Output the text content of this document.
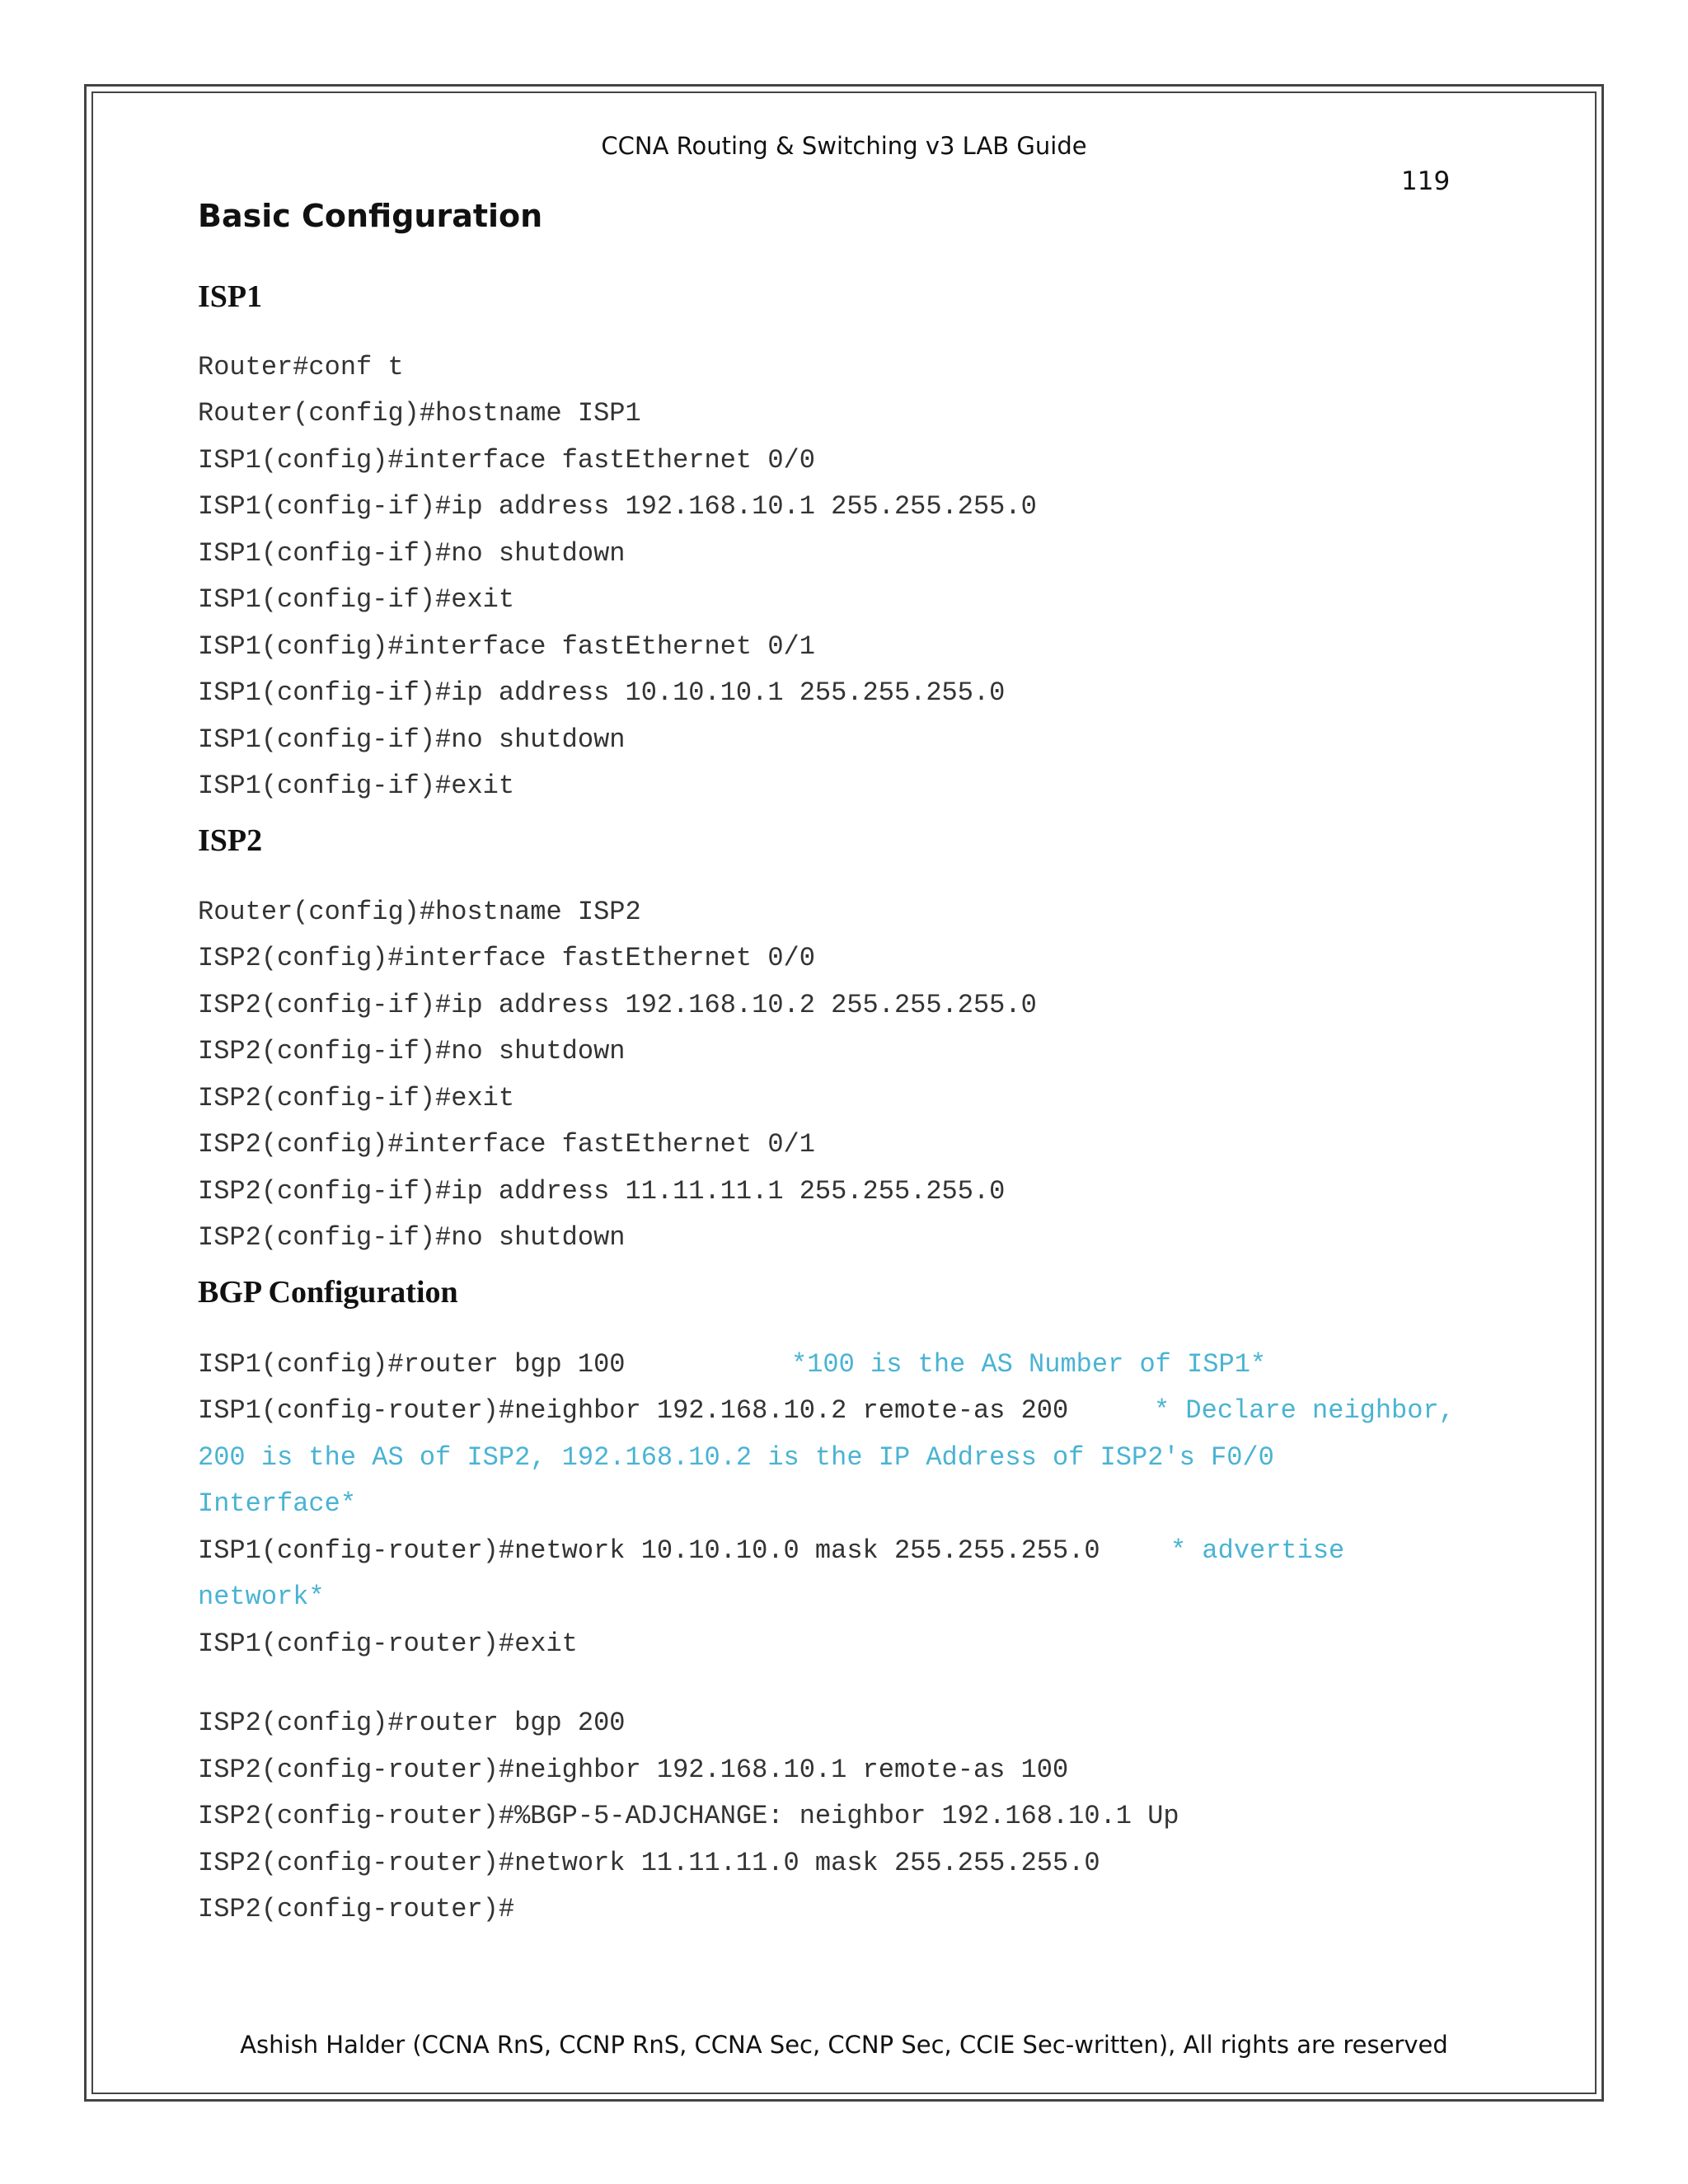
CCNA Routing & Switching v3 LAB Guide
119
Basic Configuration
ISP1
Router#conf t
Router(config)#hostname ISP1
ISP1(config)#interface fastEthernet 0/0
ISP1(config-if)#ip address 192.168.10.1 255.255.255.0
ISP1(config-if)#no shutdown
ISP1(config-if)#exit
ISP1(config)#interface fastEthernet 0/1
ISP1(config-if)#ip address 10.10.10.1 255.255.255.0
ISP1(config-if)#no shutdown
ISP1(config-if)#exit
ISP2
Router(config)#hostname ISP2
ISP2(config)#interface fastEthernet 0/0
ISP2(config-if)#ip address 192.168.10.2 255.255.255.0
ISP2(config-if)#no shutdown
ISP2(config-if)#exit
ISP2(config)#interface fastEthernet 0/1
ISP2(config-if)#ip address 11.11.11.1 255.255.255.0
ISP2(config-if)#no shutdown
BGP Configuration
ISP1(config)#router bgp 100	*100 is the AS Number of ISP1*
ISP1(config-router)#neighbor 192.168.10.2 remote-as 200	* Declare neighbor,
200 is the AS of ISP2, 192.168.10.2 is the IP Address of ISP2's F0/0
Interface*
ISP1(config-router)#network 10.10.10.0 mask 255.255.255.0	* advertise
network*
ISP1(config-router)#exit
ISP2(config)#router bgp 200
ISP2(config-router)#neighbor 192.168.10.1 remote-as 100
ISP2(config-router)#%BGP-5-ADJCHANGE: neighbor 192.168.10.1 Up
ISP2(config-router)#network 11.11.11.0 mask 255.255.255.0
ISP2(config-router)#
Ashish Halder (CCNA RnS, CCNP RnS, CCNA Sec, CCNP Sec, CCIE Sec-written), All rights are reserved
